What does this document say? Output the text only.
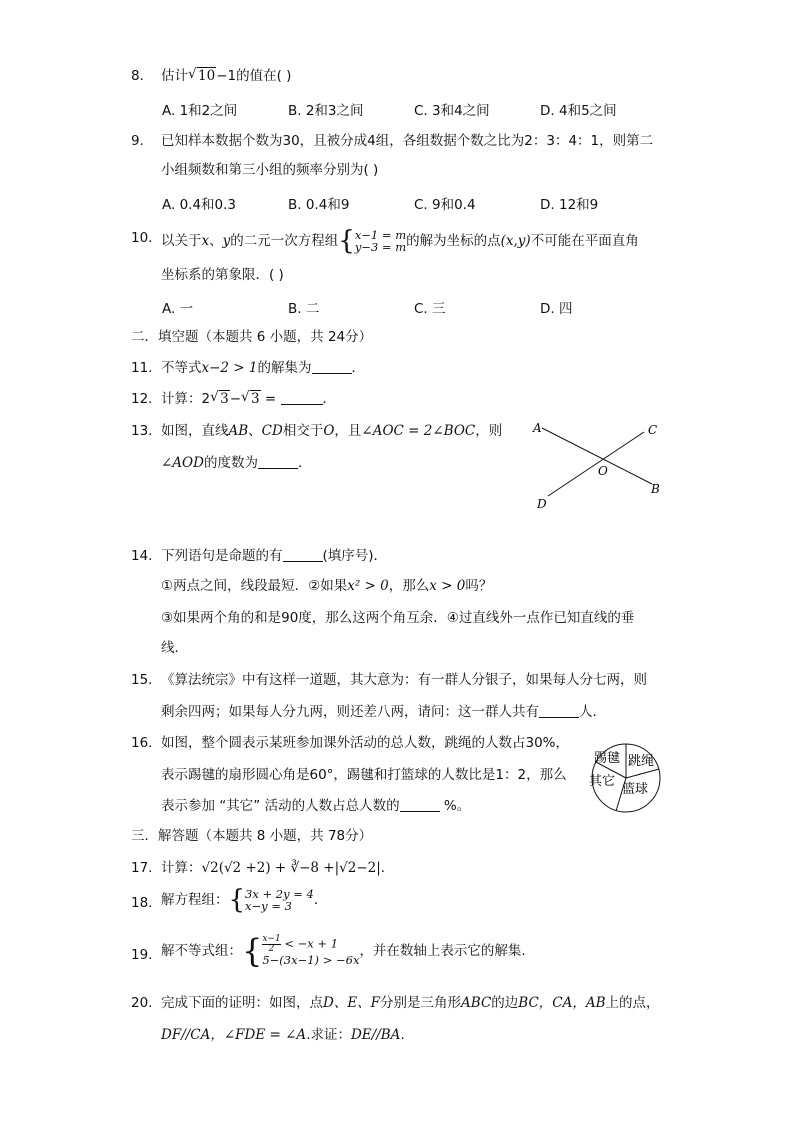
8.	估计 √ 10−1的值在( )
A. 1和2之间	B. 2和3之间	C. 3和4之间	D. 4和5之间
9.	已知样本数据个数为30，且被分成4组，各组数据个数之比为2：3：4：1，则第二
小组频数和第三小组的频率分别为( )
A. 0.4和0.3	B. 0.4和9	C. 9和0.4	D. 12和9
10. 以关于x、y的二元一次方程组{x−1 = m
y−3 = m的解为坐标的点(x,y)不可能在平面直角
坐标系的第象限．( )
A. 一	B. 二	C. 三	D. 四
二．填空题（本题共 6 小题，共 24分）
11. 不等式x−2 > 1的解集为	．
12. 计算：2 √ 3− √ 3 =	．
13. 如图，直线AB、CD相交于O，且∠AOC = 2∠BOC，则
∠AOD的度数为	．
A	C
O
B
D
14. 下列语句是命题的有	(填序号)．
①两点之间，线段最短．②如果x² > 0，那么x > 0吗？
③如果两个角的和是90度，那么这两个角互余．④过直线外一点作已知直线的垂
线．
15. 《算法统宗》中有这样一道题，其大意为：有一群人分银子，如果每人分七两，则
剩余四两；如果每人分九两，则还差八两，请问：这一群人共有	人．
16. 如图，整个圆表示某班参加课外活动的总人数，跳绳的人数占30%，
表示踢毽的扇形圆心角是60°，踢毽和打篮球的人数比是1：2，那么
表示参加 “其它” 活动的人数占总人数的	%。
踢毽 跳绳
其它
篮球
三．解答题（本题共 8 小题，共 78分）
17. 计算：√2(√2 +2) + ∛−8 +|√2−2|．
18. 解方程组：{3x + 2y = 4
x−y = 3 ．
19. 解不等式组：{ $\frac{x-1}{2} < -x + 1$
5−(3x−1) > −6x，并在数轴上表示它的解集．
20. 完成下面的证明：如图，点D、E、F分别是三角形ABC的边BC，CA，AB上的点，
DF//CA，∠FDE = ∠A.求证：DE//BA.
